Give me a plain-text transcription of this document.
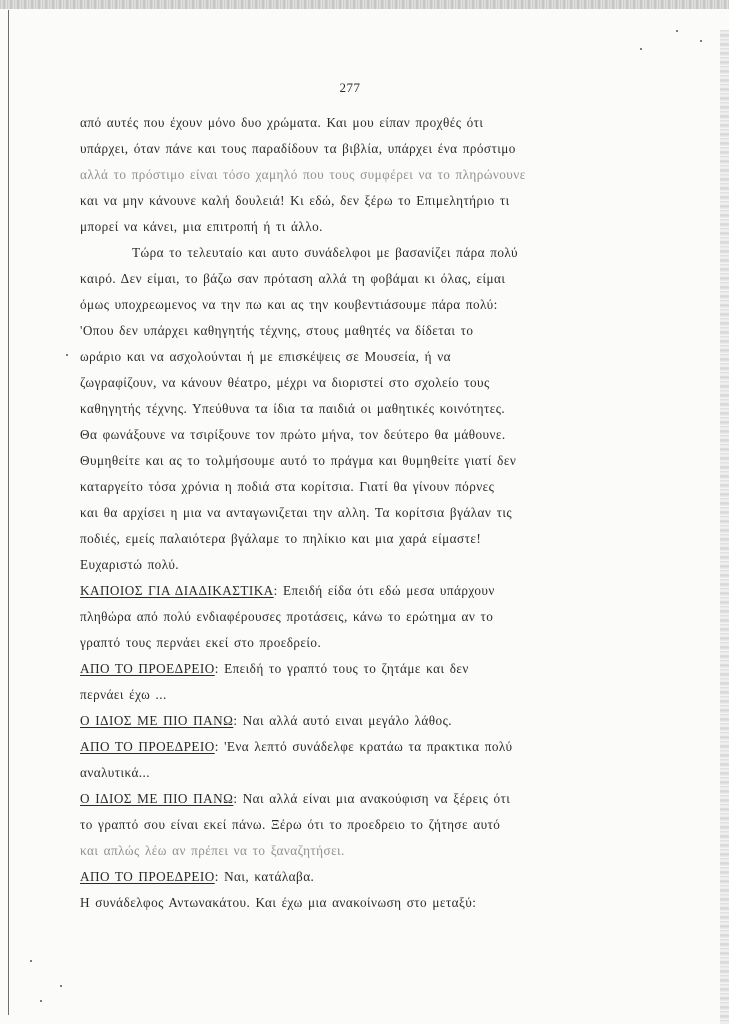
277
από αυτές που έχουν μόνο δυο χρώματα. Και μου είπαν προχθές ότι
υπάρχει, όταν πάνε και τους παραδίδουν τα βιβλία, υπάρχει ένα πρόστιμο
αλλά το πρόστιμο είναι τόσο χαμηλό που τους συμφέρει να το πληρώνουνε
και να μην κάνουνε καλή δουλειά! Κι εδώ, δεν ξέρω το Επιμελητήριο τι
μπορεί να κάνει, μια επιτροπή ή τι άλλο.
Τώρα το τελευταίο και αυτο συνάδελφοι με βασανίζει πάρα πολύ
καιρό. Δεν είμαι, το βάζω σαν πρόταση αλλά τη φοβάμαι κι όλας, είμαι
όμως υποχρεωμενος να την πω και ας την κουβεντιάσουμε πάρα πολύ:
'Οπου δεν υπάρχει καθηγητής τέχνης, στους μαθητές να δίδεται το
ωράριο και να ασχολούνται ή με επισκέψεις σε Μουσεία, ή να
ζωγραφίζουν, να κάνουν θέατρο, μέχρι να διοριστεί στο σχολείο τους
καθηγητής τέχνης. Υπεύθυνα τα ίδια τα παιδιά οι μαθητικές κοινότητες.
Θα φωνάξουνε να τσιρίξουνε τον πρώτο μήνα, τον δεύτερο θα μάθουνε.
Θυμηθείτε και ας το τολμήσουμε αυτό το πράγμα και θυμηθείτε γιατί δεν
καταργείτο τόσα χρόνια η ποδιά στα κορίτσια. Γιατί θα γίνουν πόρνες
και θα αρχίσει η μια να ανταγωνιζεται την αλλη. Τα κορίτσια βγάλαν τις
ποδιές, εμείς παλαιότερα βγάλαμε το πηλίκιο και μια χαρά είμαστε!
Ευχαριστώ πολύ.
ΚΑΠΟΙΟΣ ΓΙΑ ΔΙΑΔΙΚΑΣΤΙΚΑ: Επειδή είδα ότι εδώ μεσα υπάρχουν
πληθώρα από πολύ ενδιαφέρουσες προτάσεις, κάνω το ερώτημα αν το
γραπτό τους περνάει εκεί στο προεδρείο.
ΑΠΟ ΤΟ ΠΡΟΕΔΡΕΙΟ: Επειδή το γραπτό τους το ζητάμε και δεν
περνάει έχω ...
Ο ΙΔΙΟΣ ΜΕ ΠΙΟ ΠΑΝΩ: Ναι αλλά αυτό ειναι μεγάλο λάθος.
ΑΠΟ ΤΟ ΠΡΟΕΔΡΕΙΟ: 'Ενα λεπτό συνάδελφε κρατάω τα πρακτικα πολύ
αναλυτικά...
Ο ΙΔΙΟΣ ΜΕ ΠΙΟ ΠΑΝΩ: Ναι αλλά είναι μια ανακούφιση να ξέρεις ότι
το γραπτό σου είναι εκεί πάνω. Ξέρω ότι το προεδρειο το ζήτησε αυτό
και απλώς λέω αν πρέπει να το ξαναζητήσει.
ΑΠΟ ΤΟ ΠΡΟΕΔΡΕΙΟ: Ναι, κατάλαβα.
Η συνάδελφος Αντωνακάτου. Και έχω μια ανακοίνωση στο μεταξύ:
